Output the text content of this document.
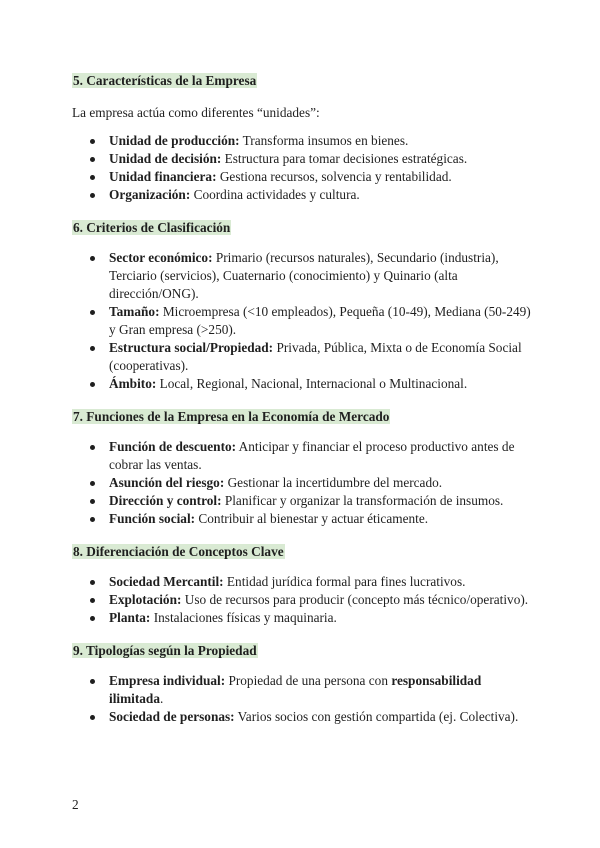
5. Características de la Empresa

La empresa actúa como diferentes “unidades”:

Unidad de producción: Transforma insumos en bienes.
Unidad de decisión: Estructura para tomar decisiones estratégicas.
Unidad financiera: Gestiona recursos, solvencia y rentabilidad.
Organización: Coordina actividades y cultura.
6. Criterios de Clasificación
Sector económico: Primario (recursos naturales), Secundario (industria), Terciario (servicios), Cuaternario (conocimiento) y Quinario (alta dirección/ONG).
Tamaño: Microempresa (<10 empleados), Pequeña (10-49), Mediana (50-249) y Gran empresa (>250).
Estructura social/Propiedad: Privada, Pública, Mixta o de Economía Social (cooperativas).
Ámbito: Local, Regional, Nacional, Internacional o Multinacional.
7. Funciones de la Empresa en la Economía de Mercado
Función de descuento: Anticipar y financiar el proceso productivo antes de cobrar las ventas.
Asunción del riesgo: Gestionar la incertidumbre del mercado.
Dirección y control: Planificar y organizar la transformación de insumos.
Función social: Contribuir al bienestar y actuar éticamente.
8. Diferenciación de Conceptos Clave
Sociedad Mercantil: Entidad jurídica formal para fines lucrativos.
Explotación: Uso de recursos para producir (concepto más técnico/operativo).
Planta: Instalaciones físicas y maquinaria.
9. Tipologías según la Propiedad
Empresa individual: Propiedad de una persona con responsabilidad ilimitada.
Sociedad de personas: Varios socios con gestión compartida (ej. Colectiva).
2
